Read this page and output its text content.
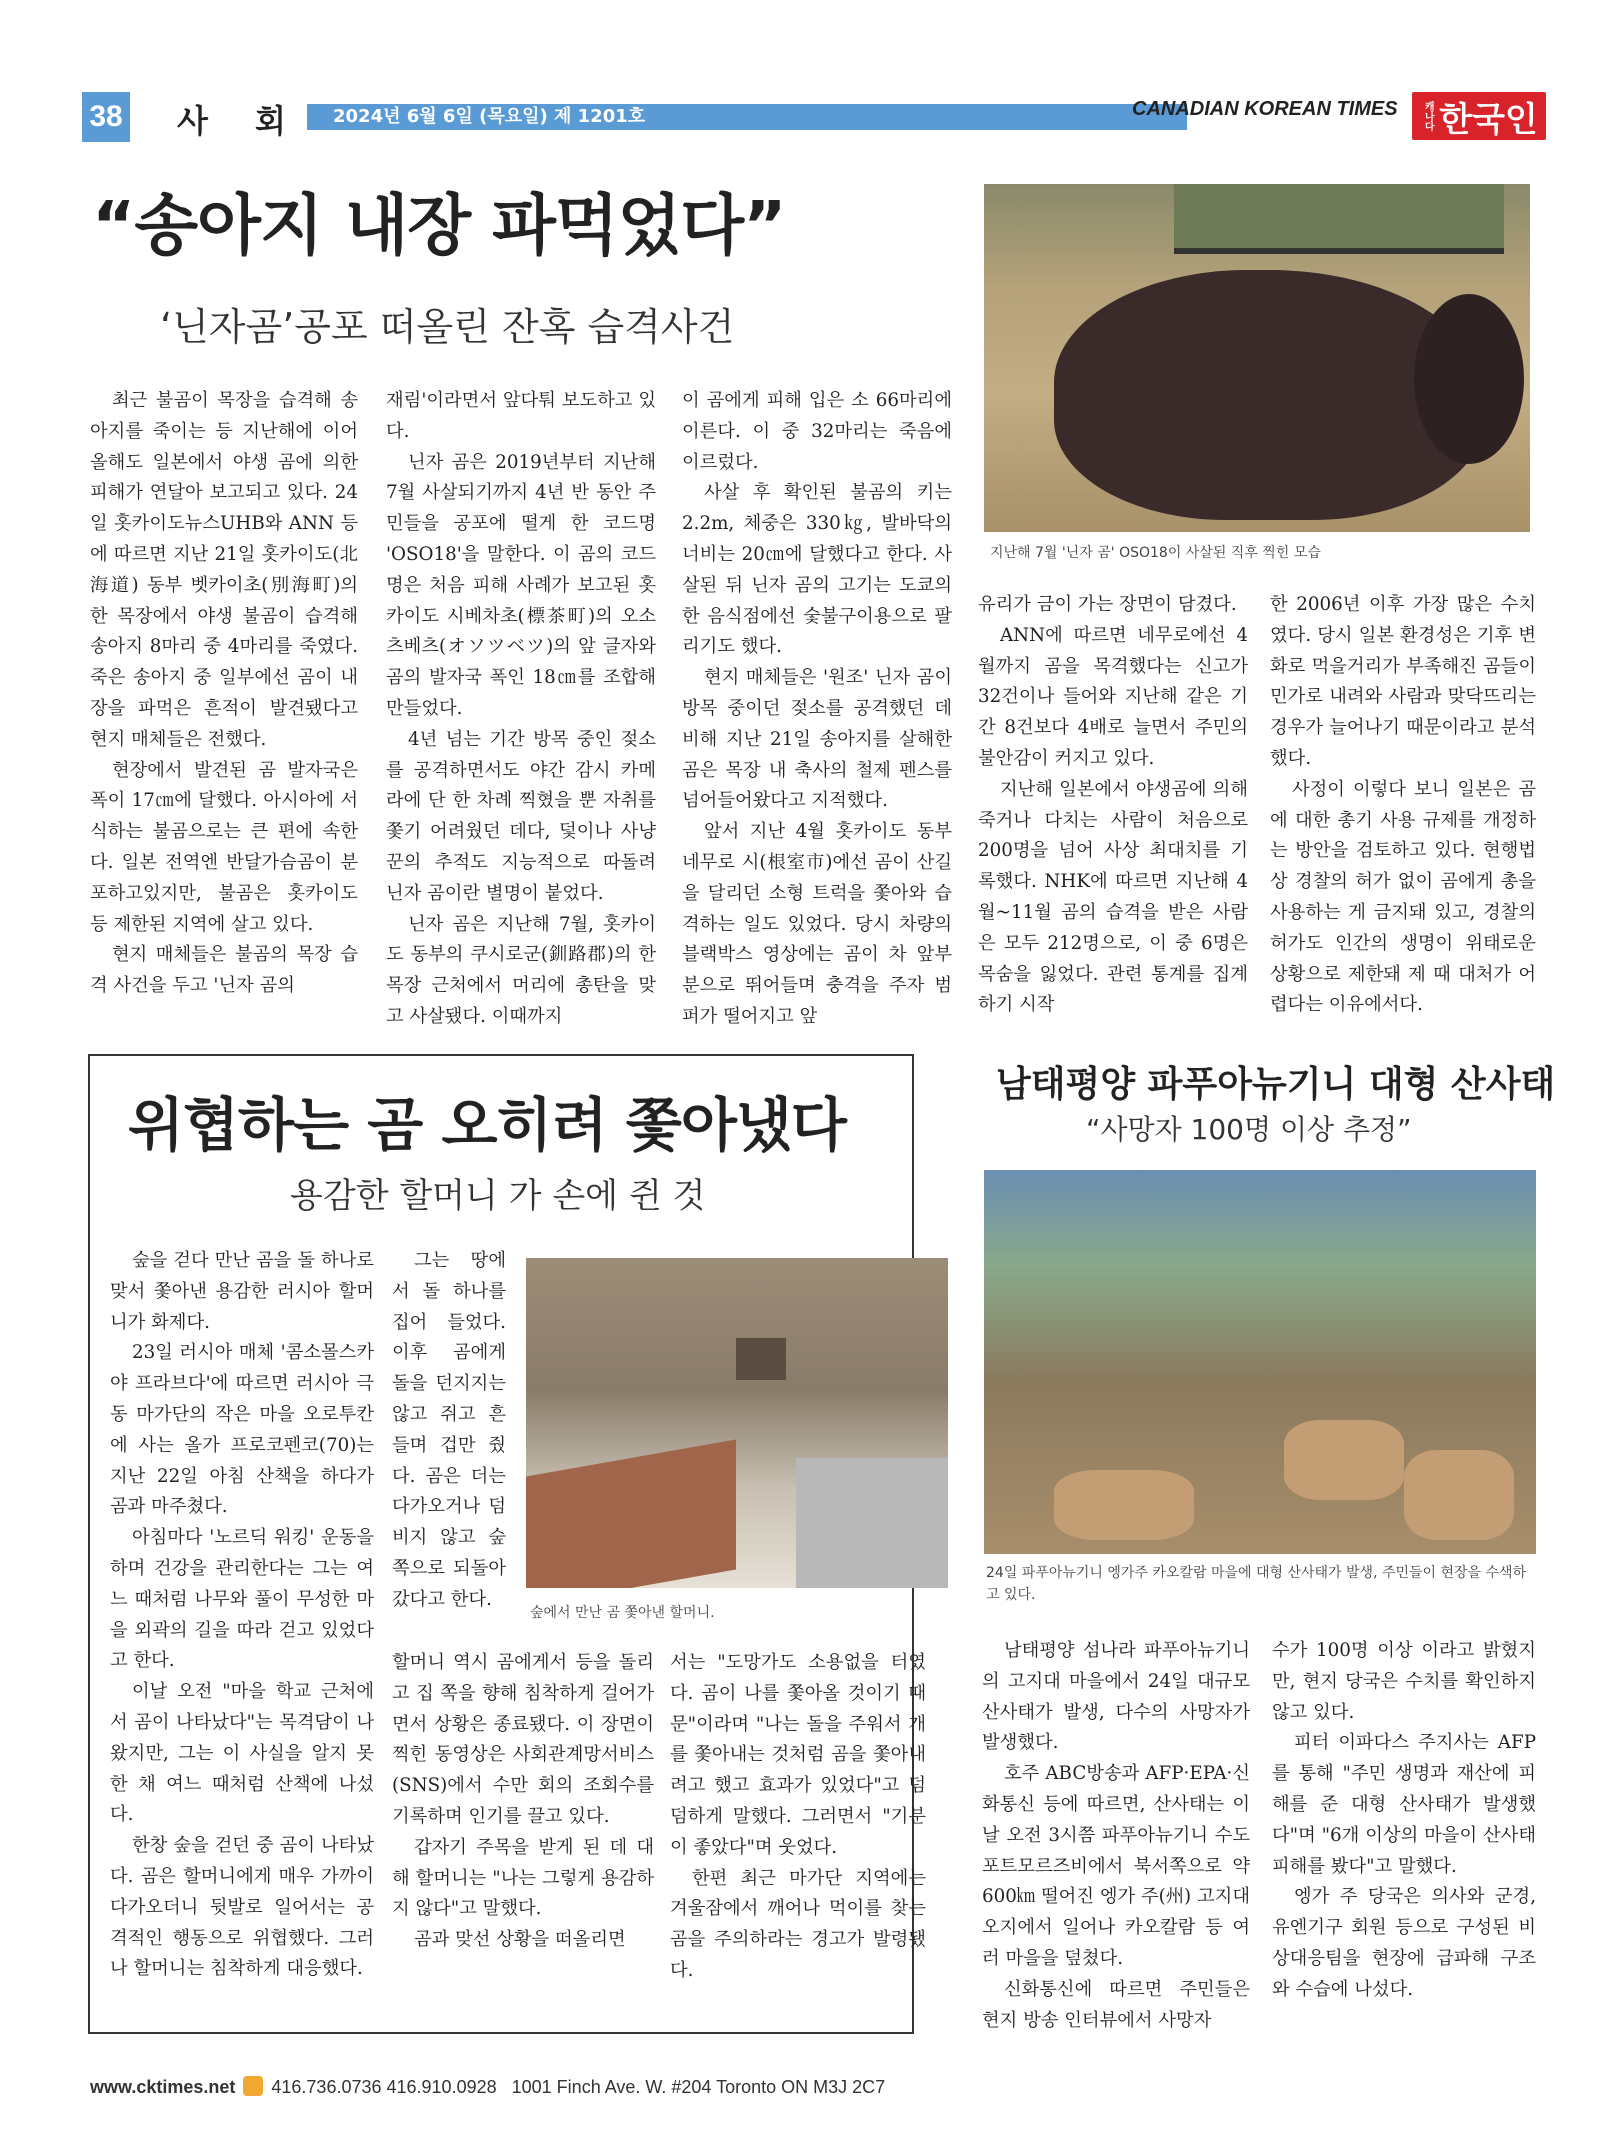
38 사 회	2024년 6월 6일 (목요일) 제 1201호	CANADIAN KOREAN TIMES 캐나다 한국인
“송아지 내장 파먹었다”
‘닌자곰’공포 떠올린 잔혹 습격사건
지난해 7월 '닌자 곰' OSO18이 사살된 직후 찍힌 모습

최근 불곰이 목장을 습격해 송아지를 죽이는 등 지난해에 이어 올해도 일본에서 야생 곰에 의한 피해가 연달아 보고되고 있다. 24일 홋카이도뉴스UHB와 ANN 등에 따르면 지난 21일 홋카이도(北海道) 동부 벳카이초(別海町)의 한 목장에서 야생 불곰이 습격해 송아지 8마리 중 4마리를 죽였다. 죽은 송아지 중 일부에선 곰이 내장을 파먹은 흔적이 발견됐다고 현지 매체들은 전했다.

현장에서 발견된 곰 발자국은 폭이 17㎝에 달했다. 아시아에 서식하는 불곰으로는 큰 편에 속한다. 일본 전역엔 반달가슴곰이 분포하고있지만, 불곰은 홋카이도 등 제한된 지역에 살고 있다.

현지 매체들은 불곰의 목장 습격 사건을 두고 '닌자 곰의

재림'이라면서 앞다퉈 보도하고 있다.

닌자 곰은 2019년부터 지난해 7월 사살되기까지 4년 반 동안 주민들을 공포에 떨게 한 코드명 'OSO18'을 말한다. 이 곰의 코드명은 처음 피해 사례가 보고된 홋카이도 시베차초(標茶町)의 오소츠베츠(オソツベツ)의 앞 글자와 곰의 발자국 폭인 18㎝를 조합해 만들었다.

4년 넘는 기간 방목 중인 젖소를 공격하면서도 야간 감시 카메라에 단 한 차례 찍혔을 뿐 자취를 쫓기 어려웠던 데다, 덫이나 사냥꾼의 추적도 지능적으로 따돌려 닌자 곰이란 별명이 붙었다.

닌자 곰은 지난해 7월, 홋카이도 동부의 쿠시로군(釧路郡)의 한 목장 근처에서 머리에 총탄을 맞고 사살됐다. 이때까지

이 곰에게 피해 입은 소 66마리에 이른다. 이 중 32마리는 죽음에 이르렀다.

사살 후 확인된 불곰의 키는 2.2m, 체중은 330㎏, 발바닥의 너비는 20㎝에 달했다고 한다. 사살된 뒤 닌자 곰의 고기는 도쿄의 한 음식점에선 숯불구이용으로 팔리기도 했다.

현지 매체들은 '원조' 닌자 곰이 방목 중이던 젖소를 공격했던 데 비해 지난 21일 송아지를 살해한 곰은 목장 내 축사의 철제 펜스를 넘어들어왔다고 지적했다.

앞서 지난 4월 홋카이도 동부 네무로 시(根室市)에선 곰이 산길을 달리던 소형 트럭을 쫓아와 습격하는 일도 있었다. 당시 차량의 블랙박스 영상에는 곰이 차 앞부분으로 뛰어들며 충격을 주자 범퍼가 떨어지고 앞

유리가 금이 가는 장면이 담겼다.

ANN에 따르면 네무로에선 4월까지 곰을 목격했다는 신고가 32건이나 들어와 지난해 같은 기간 8건보다 4배로 늘면서 주민의 불안감이 커지고 있다.

지난해 일본에서 야생곰에 의해 죽거나 다치는 사람이 처음으로 200명을 넘어 사상 최대치를 기록했다. NHK에 따르면 지난해 4월~11월 곰의 습격을 받은 사람은 모두 212명으로, 이 중 6명은 목숨을 잃었다. 관련 통계를 집계하기 시작

한 2006년 이후 가장 많은 수치였다. 당시 일본 환경성은 기후 변화로 먹을거리가 부족해진 곰들이 민가로 내려와 사람과 맞닥뜨리는 경우가 늘어나기 때문이라고 분석했다.

사정이 이렇다 보니 일본은 곰에 대한 총기 사용 규제를 개정하는 방안을 검토하고 있다. 현행법상 경찰의 허가 없이 곰에게 총을 사용하는 게 금지돼 있고, 경찰의 허가도 인간의 생명이 위태로운 상황으로 제한돼 제 때 대처가 어렵다는 이유에서다.

위협하는 곰 오히려 쫓아냈다
용감한 할머니 가 손에 쥔 것

숲을 걷다 만난 곰을 돌 하나로 맞서 쫓아낸 용감한 러시아 할머니가 화제다.

23일 러시아 매체 '콤소몰스카야 프라브다'에 따르면 러시아 극동 마가단의 작은 마을 오로투칸에 사는 올가 프로코펜코(70)는 지난 22일 아침 산책을 하다가 곰과 마주쳤다.

아침마다 '노르딕 워킹' 운동을 하며 건강을 관리한다는 그는 여느 때처럼 나무와 풀이 무성한 마을 외곽의 길을 따라 걷고 있었다고 한다.

이날 오전 "마을 학교 근처에서 곰이 나타났다"는 목격담이 나왔지만, 그는 이 사실을 알지 못한 채 여느 때처럼 산책에 나섰다.

한창 숲을 걷던 중 곰이 나타났다. 곰은 할머니에게 매우 가까이 다가오더니 뒷발로 일어서는 공격적인 행동으로 위협했다. 그러나 할머니는 침착하게 대응했다.

그는 땅에서 돌 하나를 집어 들었다. 이후 곰에게 돌을 던지지는 않고 쥐고 흔들며 겁만 줬다. 곰은 더는 다가오거나 덤비지 않고 숲 쪽으로 되돌아갔다고 한다.

숲에서 만난 곰 쫓아낸 할머니.

할머니 역시 곰에게서 등을 돌리고 집 쪽을 향해 침착하게 걸어가면서 상황은 종료됐다. 이 장면이 찍힌 동영상은 사회관계망서비스(SNS)에서 수만 회의 조회수를 기록하며 인기를 끌고 있다.

갑자기 주목을 받게 된 데 대해 할머니는 "나는 그렇게 용감하지 않다"고 말했다.

곰과 맞선 상황을 떠올리면

서는 "도망가도 소용없을 터였다. 곰이 나를 쫓아올 것이기 때문"이라며 "나는 돌을 주워서 개를 쫓아내는 것처럼 곰을 쫓아내려고 했고 효과가 있었다"고 덤덤하게 말했다. 그러면서 "기분이 좋았다"며 웃었다.

한편 최근 마가단 지역에는 겨울잠에서 깨어나 먹이를 찾는 곰을 주의하라는 경고가 발령됐다.

남태평양 파푸아뉴기니 대형 산사태
“사망자 100명 이상 추정”
24일 파푸아뉴기니 엥가주 카오칼람 마을에 대형 산사태가 발생, 주민들이 현장을 수색하고 있다.

남태평양 섬나라 파푸아뉴기니의 고지대 마을에서 24일 대규모 산사태가 발생, 다수의 사망자가 발생했다.

호주 ABC방송과 AFP·EPA·신화통신 등에 따르면, 산사태는 이날 오전 3시쯤 파푸아뉴기니 수도 포트모르즈비에서 북서쪽으로 약 600㎞ 떨어진 엥가 주(州) 고지대 오지에서 일어나 카오칼람 등 여러 마을을 덮쳤다.

신화통신에 따르면 주민들은 현지 방송 인터뷰에서 사망자

수가 100명 이상 이라고 밝혔지만, 현지 당국은 수치를 확인하지 않고 있다.

피터 이파다스 주지사는 AFP를 통해 "주민 생명과 재산에 피해를 준 대형 산사태가 발생했다"며 "6개 이상의 마을이 산사태 피해를 봤다"고 말했다.

엥가 주 당국은 의사와 군경, 유엔기구 회원 등으로 구성된 비상대응팀을 현장에 급파해 구조와 수습에 나섰다.

www.cktimes.net 416.736.0736 416.910.0928 1001 Finch Ave. W. #204 Toronto ON M3J 2C7
